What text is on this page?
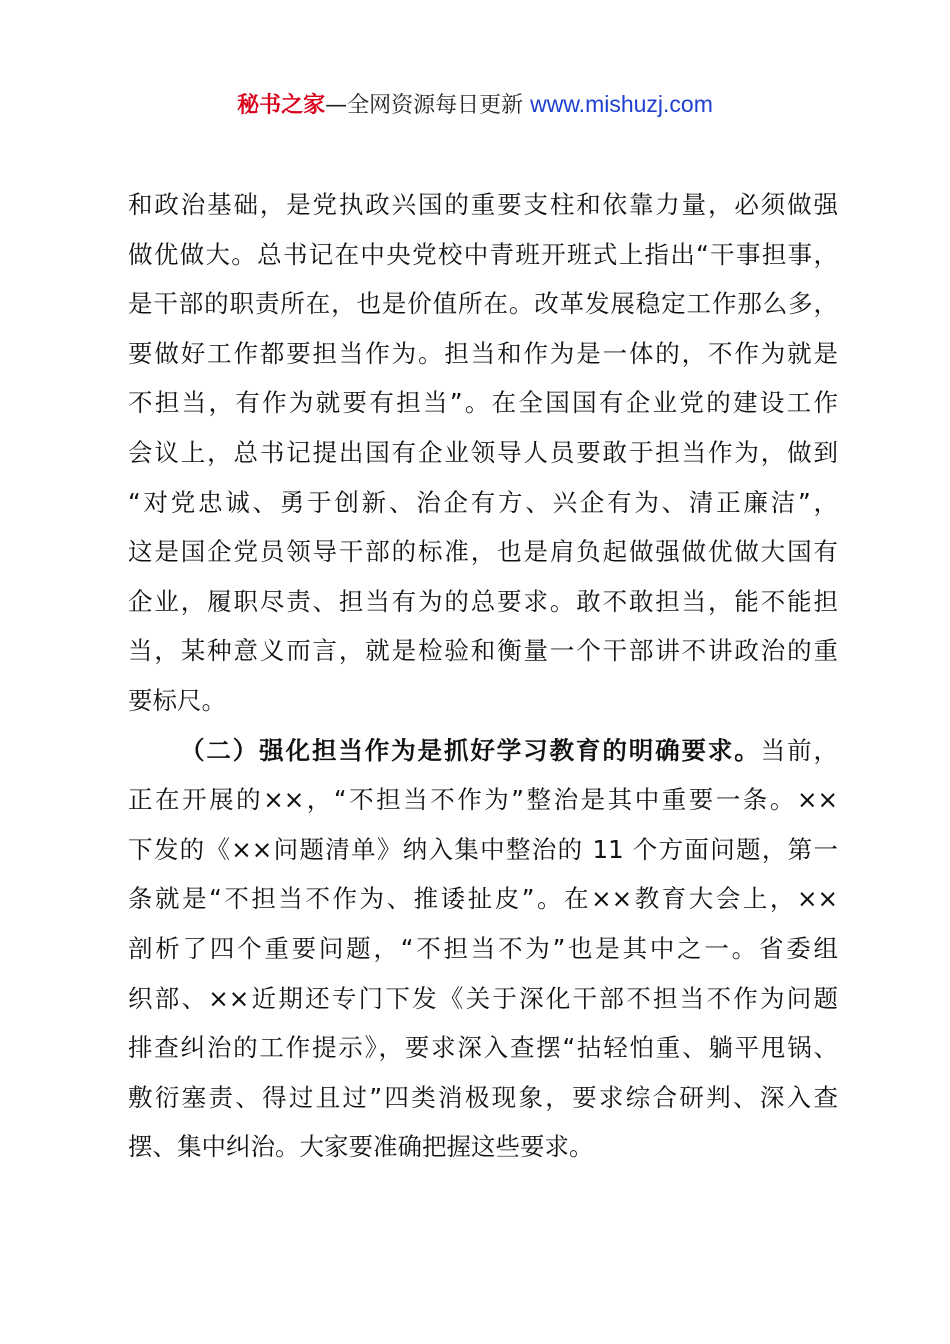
秘书之家—全网资源每日更新 www.mishuzj.com
和政治基础，是党执政兴国的重要支柱和依靠力量，必须做强
做优做大。总书记在中央党校中青班开班式上指出“干事担事，
是干部的职责所在，也是价值所在。改革发展稳定工作那么多，
要做好工作都要担当作为。担当和作为是一体的，不作为就是
不担当，有作为就要有担当”。在全国国有企业党的建设工作
会议上，总书记提出国有企业领导人员要敢于担当作为，做到
“对党忠诚、勇于创新、治企有方、兴企有为、清正廉洁”，
这是国企党员领导干部的标准，也是肩负起做强做优做大国有
企业，履职尽责、担当有为的总要求。敢不敢担当，能不能担
当，某种意义而言，就是检验和衡量一个干部讲不讲政治的重
要标尺。
（二）强化担当作为是抓好学习教育的明确要求。当前，
正在开展的××，“不担当不作为”整治是其中重要一条。××
下发的《××问题清单》纳入集中整治的 11 个方面问题，第一
条就是“不担当不作为、推诿扯皮”。在××教育大会上，××
剖析了四个重要问题，“不担当不为”也是其中之一。省委组
织部、××近期还专门下发《关于深化干部不担当不作为问题
排查纠治的工作提示》，要求深入查摆“拈轻怕重、躺平甩锅、
敷衍塞责、得过且过”四类消极现象，要求综合研判、深入查
摆、集中纠治。大家要准确把握这些要求。
